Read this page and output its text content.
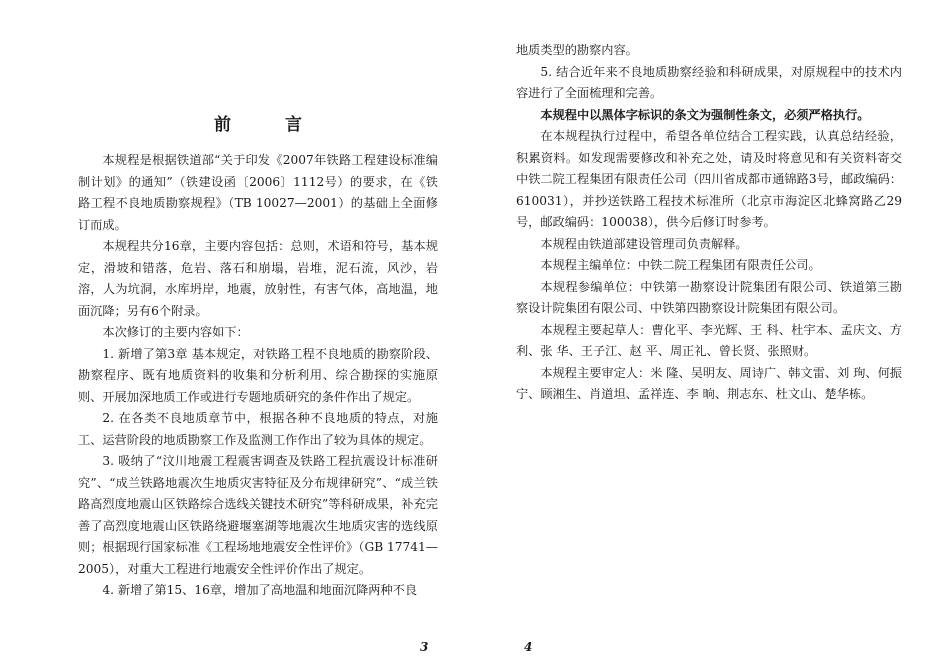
前 言

本规程是根据铁道部“关于印发《2007年铁路工程建设标准编制计划》的通知”（铁建设函〔2006〕1112号）的要求，在《铁路工程不良地质勘察规程》（TB 10027—2001）的基础上全面修订而成。

本规程共分16章，主要内容包括：总则，术语和符号，基本规定，滑坡和错落，危岩、落石和崩塌，岩堆，泥石流，风沙，岩溶，人为坑洞，水库坍岸，地震，放射性，有害气体，高地温，地面沉降；另有6个附录。

本次修订的主要内容如下：

1. 新增了第3章 基本规定，对铁路工程不良地质的勘察阶段、勘察程序、既有地质资料的收集和分析利用、综合勘探的实施原则、开展加深地质工作或进行专题地质研究的条件作出了规定。

2. 在各类不良地质章节中，根据各种不良地质的特点，对施工、运营阶段的地质勘察工作及监测工作作出了较为具体的规定。

3. 吸纳了“汶川地震工程震害调查及铁路工程抗震设计标准研究”、“成兰铁路地震次生地质灾害特征及分布规律研究”、“成兰铁路高烈度地震山区铁路综合选线关键技术研究”等科研成果，补充完善了高烈度地震山区铁路绕避堰塞湖等地震次生地质灾害的选线原则；根据现行国家标准《工程场地地震安全性评价》（GB 17741—2005），对重大工程进行地震安全性评价作出了规定。

4. 新增了第15、16章，增加了高地温和地面沉降两种不良

3

地质类型的勘察内容。

5. 结合近年来不良地质勘察经验和科研成果，对原规程中的技术内容进行了全面梳理和完善。

本规程中以黑体字标识的条文为强制性条文，必须严格执行。

在本规程执行过程中，希望各单位结合工程实践，认真总结经验，积累资料。如发现需要修改和补充之处，请及时将意见和有关资料寄交中铁二院工程集团有限责任公司（四川省成都市通锦路3号，邮政编码：610031），并抄送铁路工程技术标准所（北京市海淀区北蜂窝路乙29号，邮政编码：100038），供今后修订时参考。

本规程由铁道部建设管理司负责解释。

本规程主编单位：中铁二院工程集团有限责任公司。

本规程参编单位：中铁第一勘察设计院集团有限公司、铁道第三勘察设计院集团有限公司、中铁第四勘察设计院集团有限公司。

本规程主要起草人：曹化平、李光辉、王 科、杜宇本、孟庆文、方 利、张 华、王子江、赵 平、周正礼、曾长贤、张照财。

本规程主要审定人：米 隆、吴明友、周诗广、韩文雷、刘 珣、何振宁、顾湘生、肖道坦、孟祥连、李 晌、荆志东、杜文山、楚华栋。

4
